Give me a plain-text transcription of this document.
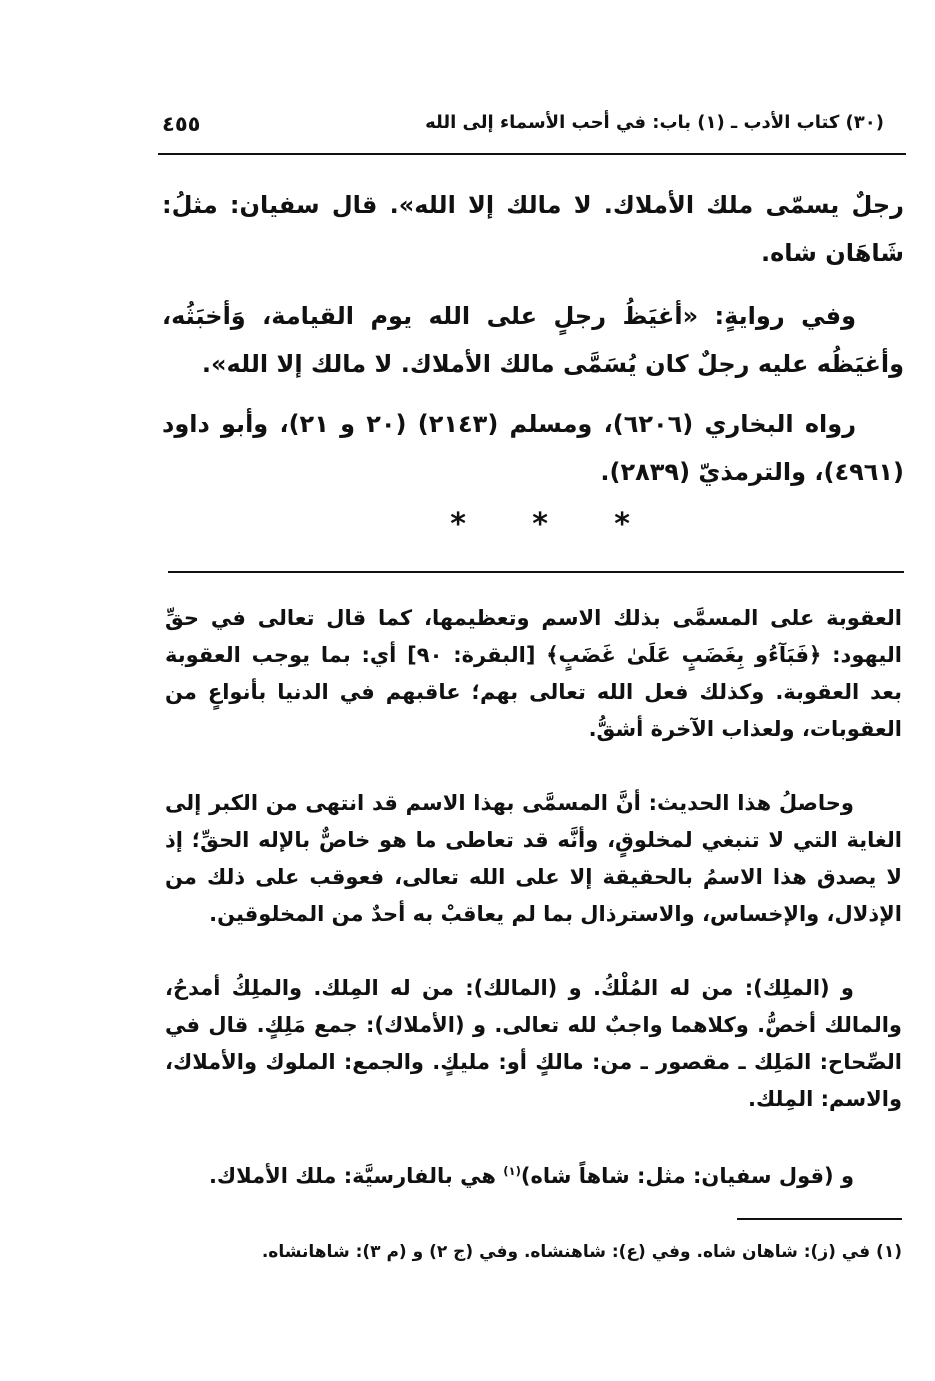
(٣٠) كتاب الأدب ـ (١) باب: في أحب الأسماء إلى الله
٤٥٥

رجلٌ يسمّى ملك الأملاك. لا مالك إلا الله». قال سفيان: مثلُ: شَاهَان شاه.

وفي روايةٍ: «أغيَظُ رجلٍ على الله يوم القيامة، وَأخبَثُه، وأغيَظُه عليه رجلٌ كان يُسَمَّى مالك الأملاك. لا مالك إلا الله».

رواه البخاري (٦٢٠٦)، ومسلم (٢١٤٣) (٢٠ و ٢١)، وأبو داود (٤٩٦١)، والترمذيّ (٢٨٣٩).

*
*
*

العقوبة على المسمَّى بذلك الاسم وتعظيمها، كما قال تعالى في حقِّ اليهود: ﴿فَبَآءُو بِغَضَبٍ عَلَىٰ غَضَبٍ﴾ [البقرة: ٩٠] أي: بما يوجب العقوبة بعد العقوبة. وكذلك فعل الله تعالى بهم؛ عاقبهم في الدنيا بأنواعٍ من العقوبات، ولعذاب الآخرة أشقُّ.

وحاصلُ هذا الحديث: أنَّ المسمَّى بهذا الاسم قد انتهى من الكبر إلى الغاية التي لا تنبغي لمخلوقٍ، وأنَّه قد تعاطى ما هو خاصٌّ بالإله الحقِّ؛ إذ لا يصدق هذا الاسمُ بالحقيقة إلا على الله تعالى، فعوقب على ذلك من الإذلال، والإخساس، والاسترذال بما لم يعاقبْ به أحدٌ من المخلوقين.

و (الملِك): من له المُلْكُ. و (المالك): من له المِلك. والملِكُ أمدحُ، والمالك أخصُّ. وكلاهما واجبٌ لله تعالى. و (الأملاك): جمع مَلِكٍ. قال في الصِّحاح: المَلِك ـ مقصور ـ من: مالكٍ أو: مليكٍ. والجمع: الملوك والأملاك، والاسم: المِلك.

و (قول سفيان: مثل: شاهاً شاه)$^{(١)}$ هي بالفارسيَّة: ملك الأملاك.

(١) في (ز): شاهان شاه. وفي (ع): شاهنشاه. وفي (ج ٢) و (م ٣): شاهانشاه.
